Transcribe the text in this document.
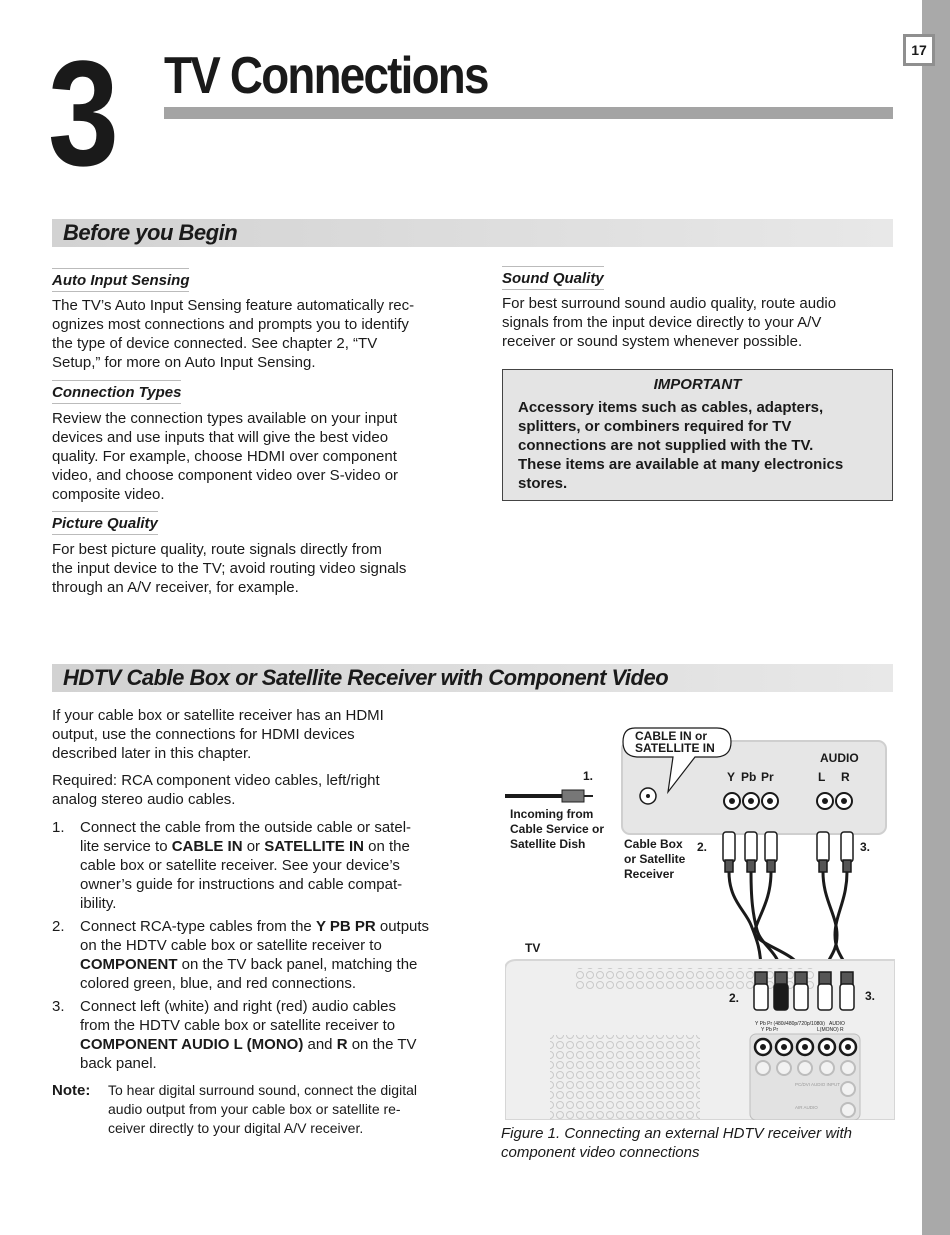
17
3 TV Connections
Before you Begin
Auto Input Sensing
The TV’s Auto Input Sensing feature automatically rec-
ognizes most connections and prompts you to identify
the type of device connected. See chapter 2, “TV
Setup,” for more on Auto Input Sensing.
Connection Types
Review the connection types available on your input
devices and use inputs that will give the best video
quality. For example, choose HDMI over component
video, and choose component video over S-video or
composite video.
Picture Quality
For best picture quality, route signals directly from
the input device to the TV; avoid routing video signals
through an A/V receiver, for example.
Sound Quality
For best surround sound audio quality, route audio
signals from the input device directly to your A/V
receiver or sound system whenever possible.
IMPORTANT
Accessory items such as cables, adapters,
splitters, or combiners required for TV
connections are not supplied with the TV.
These items are available at many electronics
stores.
HDTV Cable Box or Satellite Receiver with Component Video
If your cable box or satellite receiver has an HDMI
output, use the connections for HDMI devices
described later in this chapter.
Required: RCA component video cables, left/right
analog stereo audio cables.
1. Connect the cable from the outside cable or satel-
lite service to CABLE IN or SATELLITE IN on the
cable box or satellite receiver. See your device’s
owner’s guide for instructions and cable compat-
ibility.
2. Connect RCA-type cables from the Y PB PR outputs
on the HDTV cable box or satellite receiver to
COMPONENT on the TV back panel, matching the
colored green, blue, and red connections.
3. Connect left (white) and right (red) audio cables
from the HDTV cable box or satellite receiver to
COMPONENT AUDIO L (MONO) and R on the TV
back panel.
Note: To hear digital surround sound, connect the digital
audio output from your cable box or satellite re-
ceiver directly to your digital A/V receiver.
CABLE IN or
SATELLITE IN
AUDIO
Y Pb Pr	L R
1.
Incoming from
Cable Service or
Satellite Dish	Cable Box
or Satellite
Receiver
2.	3.
TV
2.	3.
Y Pb Pr (480i/480p/720p/1080i)
Y Pb Pr
AUDIO
L(MONO) R
PC/DVI AUDIO INPUT
AIR AUDIO
Figure 1. Connecting an external HDTV receiver with
component video connections
